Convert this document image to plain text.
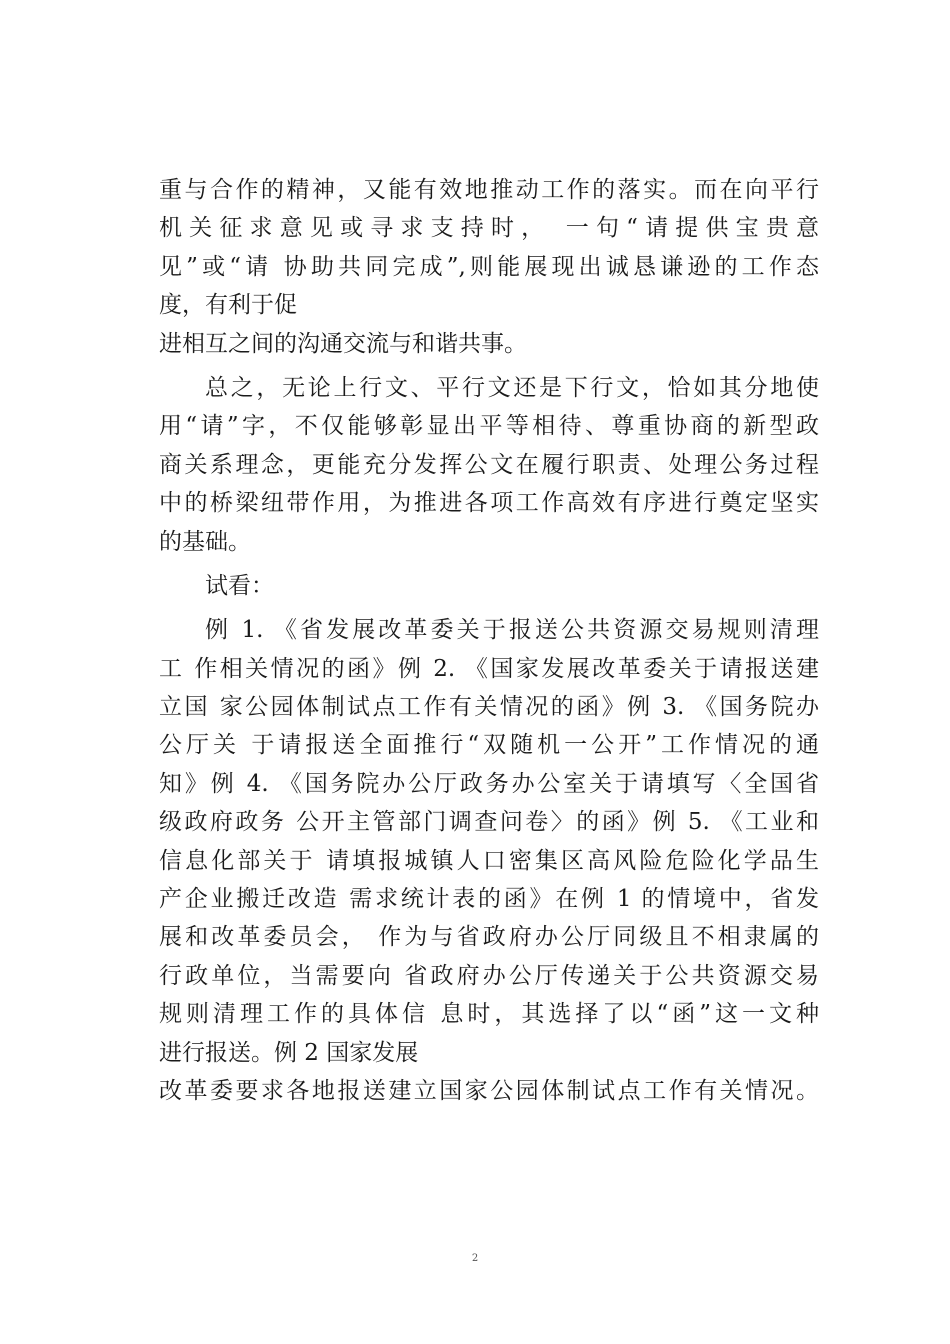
重与合作的精神，又能有效地推动工作的落实。而在向平行
机关征求意见或寻求支持时， 一句“请提供宝贵意
见”或“请 协助共同完成”,则能展现出诚恳谦逊的工作态
度，有利于促
进相互之间的沟通交流与和谐共事。
总之，无论上行文、平行文还是下行文，恰如其分地使
用“请”字，不仅能够彰显出平等相待、尊重协商的新型政
商关系理念，更能充分发挥公文在履行职责、处理公务过程
中的桥梁纽带作用，为推进各项工作高效有序进行奠定坚实
的基础。
试看：
例 1. 《省发展改革委关于报送公共资源交易规则清理
工 作相关情况的函》例 2. 《国家发展改革委关于请报送建
立国 家公园体制试点工作有关情况的函》例 3. 《国务院办
公厅关 于请报送全面推行“双随机一公开”工作情况的通
知》例 4. 《国务院办公厅政务办公室关于请填写〈全国省
级政府政务 公开主管部门调查问卷〉的函》例 5. 《工业和
信息化部关于 请填报城镇人口密集区高风险危险化学品生
产企业搬迁改造 需求统计表的函》在例 1 的情境中，省发
展和改革委员会， 作为与省政府办公厅同级且不相隶属的
行政单位，当需要向 省政府办公厅传递关于公共资源交易
规则清理工作的具体信 息时，其选择了以“函”这一文种
进行报送。例 2 国家发展
改革委要求各地报送建立国家公园体制试点工作有关情况。
2
